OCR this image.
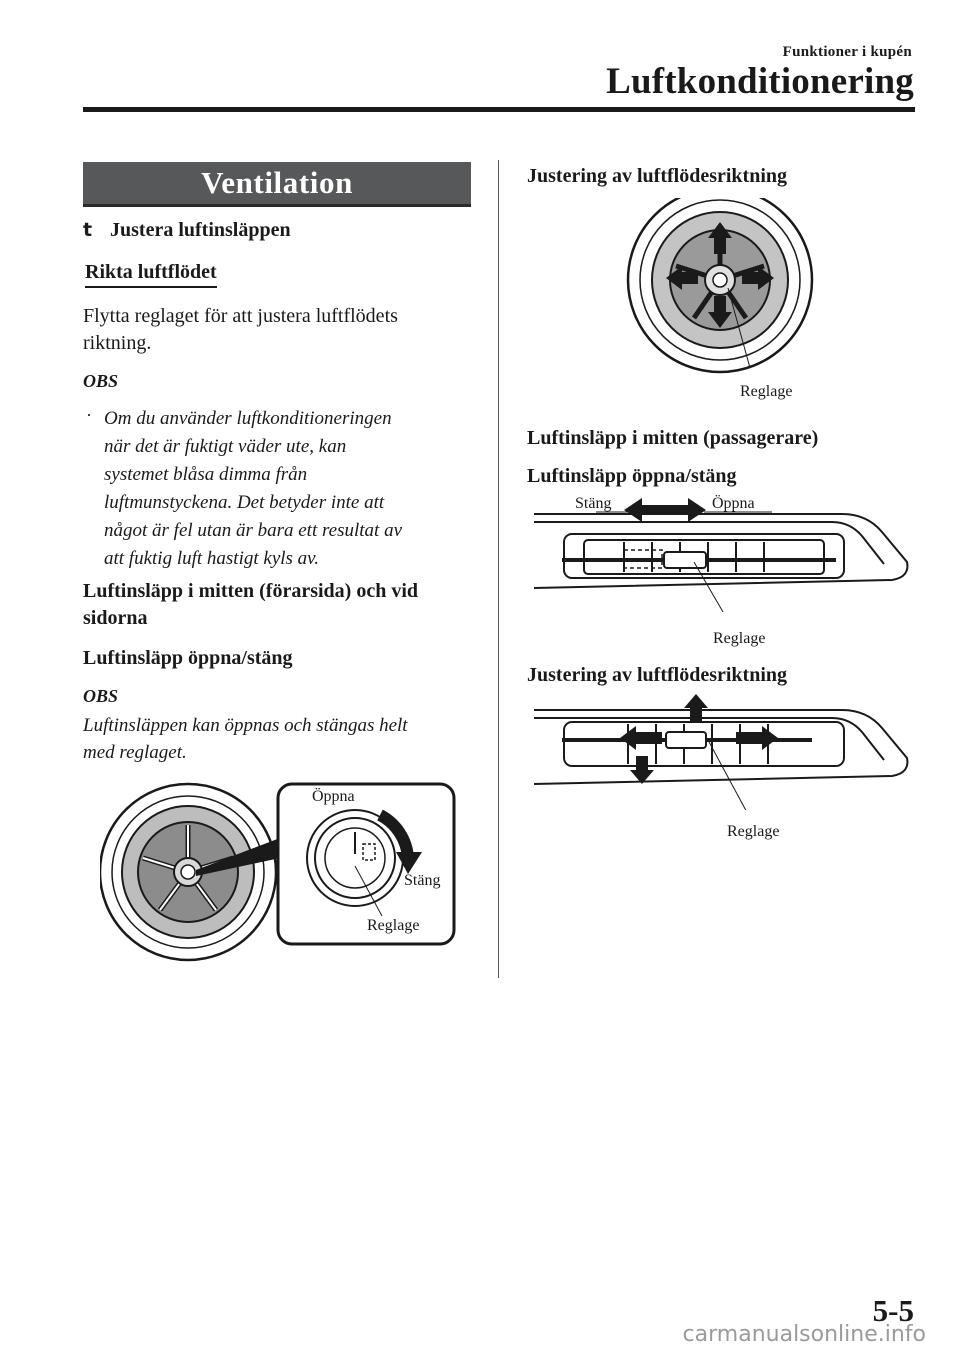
Funktioner i kupén
Luftkonditionering
Ventilation
t Justera luftinsläppen
Rikta luftflödet
Flytta reglaget för att justera luftflödets
riktning.
OBS
· Om du använder luftkonditioneringen
när det är fuktigt väder ute, kan
systemet blåsa dimma från
luftmunstyckena. Det betyder inte att
något är fel utan är bara ett resultat av
att fuktig luft hastigt kyls av.
Luftinsläpp i mitten (förarsida) och vid
sidorna
Luftinsläpp öppna/stäng
OBS
Luftinsläppen kan öppnas och stängas helt
med reglaget.
Öppna
Stäng
Reglage
Justering av luftflödesriktning
Reglage
Luftinsläpp i mitten (passagerare)
Luftinsläpp öppna/stäng
Stäng	Öppna
Reglage
Justering av luftflödesriktning
Reglage
5-5
carmanualsonline.info
